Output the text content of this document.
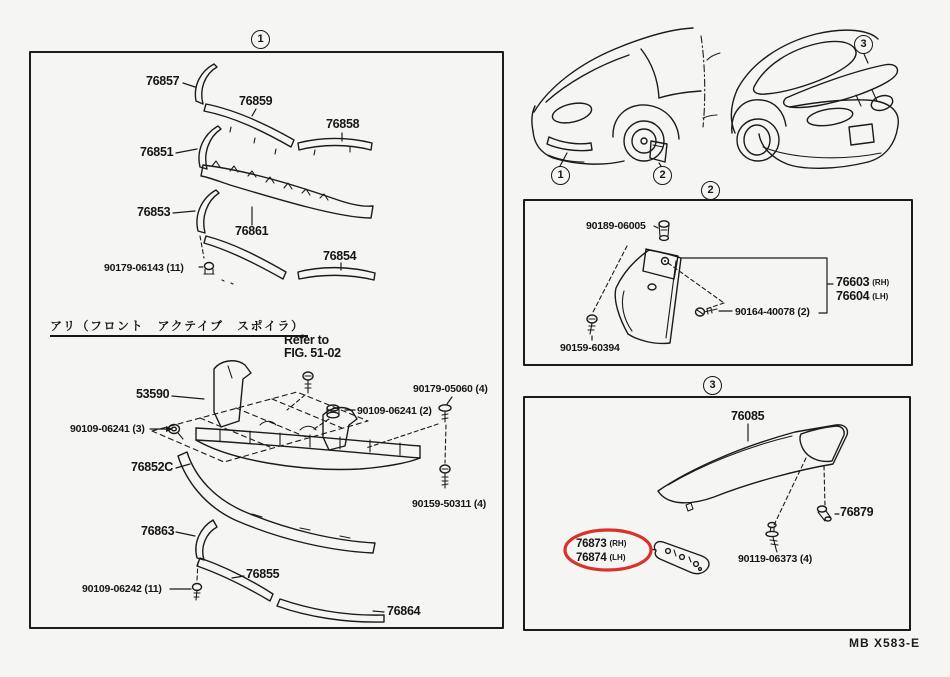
1
1	2
2
3
3
76857
76859
76858
76851
76853
76861
76854
90179-06143 (11)
アリ（フロント　アクテイブ　スポイラ）
Refer to
FIG. 51-02
53590	90179-05060 (4)
90109-06241 (2)
90109-06241 (3)
76852C
90159-50311 (4)
76863
76855
90109-06242 (11)
76864
90189-06005
76603 (RH)
76604 (LH)
90164-40078 (2)
90159-60394
76085
76879
90119-06373 (4)
76873 (RH)
76874 (LH)
MB X583-E
